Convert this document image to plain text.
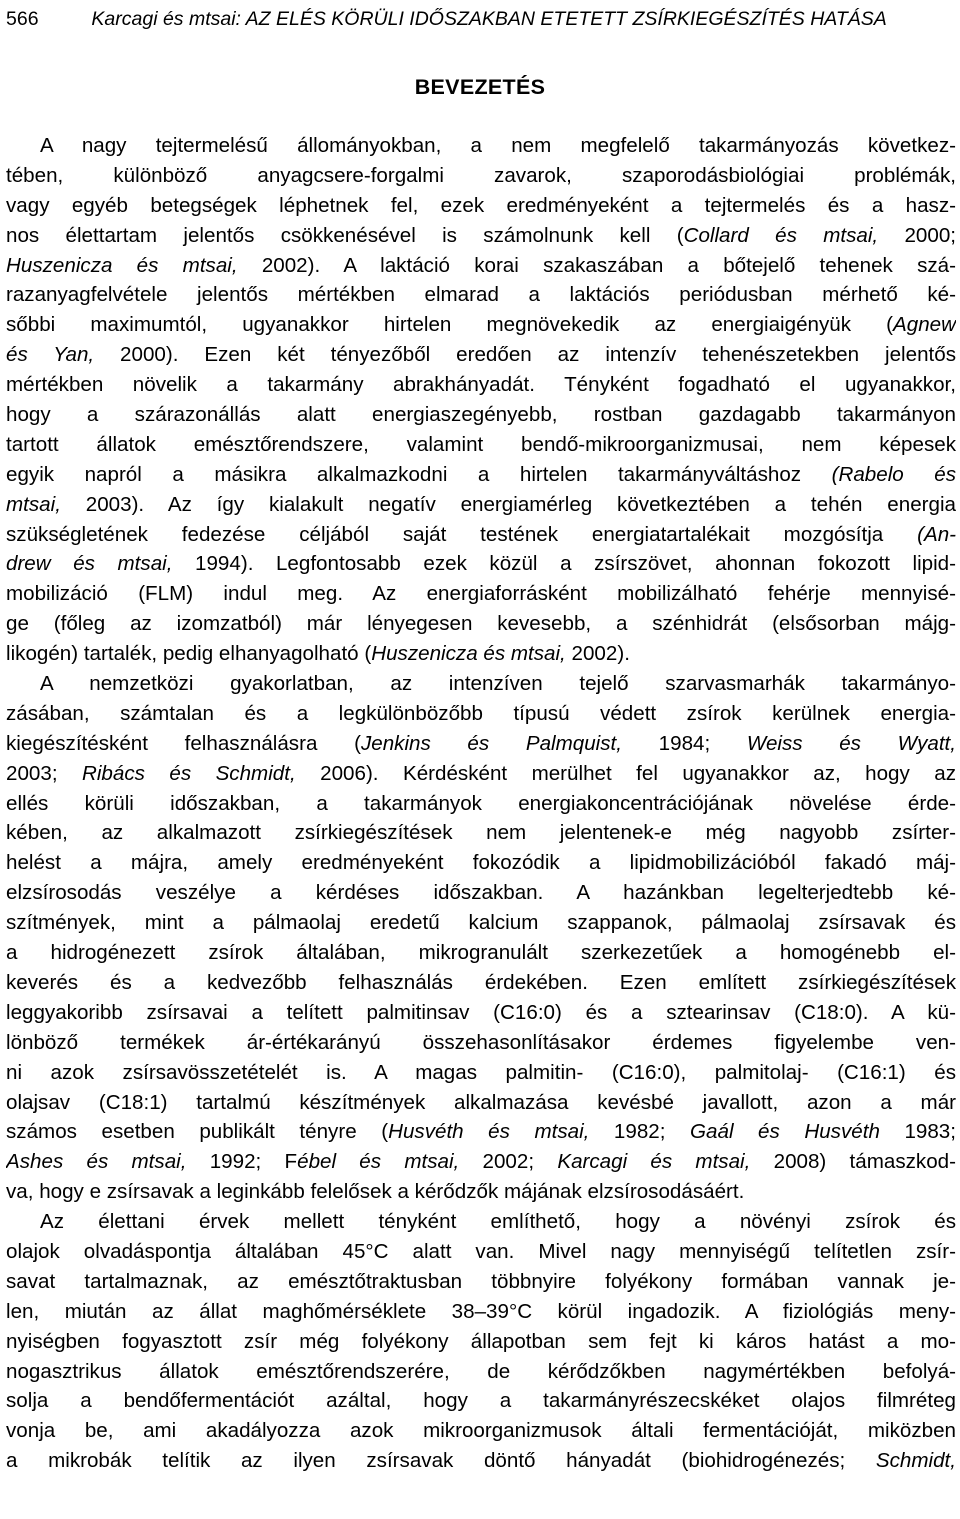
566	Karcagi és mtsai: AZ ELÉS KÖRÜLI IDŐSZAKBAN ETETETT ZSÍRKIEGÉSZÍTÉS HATÁSA
BEVEZETÉS
A nagy tejtermelésű állományokban, a nem megfelelő takarmányozás következ-
tében, különböző anyagcsere-forgalmi zavarok, szaporodásbiológiai problémák,
vagy egyéb betegségek léphetnek fel, ezek eredményeként a tejtermelés és a hasz-
nos élettartam jelentős csökkenésével is számolnunk kell (Collard és mtsai, 2000;
Huszenicza és mtsai, 2002). A laktáció korai szakaszában a bőtejelő tehenek szá-
razanyagfelvétele jelentős mértékben elmarad a laktációs periódusban mérhető ké-
sőbbi maximumtól, ugyanakkor hirtelen megnövekedik az energiaigényük (Agnew
és Yan, 2000). Ezen két tényezőből eredően az intenzív tehenészetekben jelentős
mértékben növelik a takarmány abrakhányadát. Tényként fogadható el ugyanakkor,
hogy a szárazonállás alatt energiaszegényebb, rostban gazdagabb takarmányon
tartott állatok emésztőrendszere, valamint bendő-mikroorganizmusai, nem képesek
egyik napról a másikra alkalmazkodni a hirtelen takarmányváltáshoz (Rabelo és
mtsai, 2003). Az így kialakult negatív energiamérleg következtében a tehén energia
szükségletének fedezése céljából saját testének energiatartalékait mozgósítja (An-
drew és mtsai, 1994). Legfontosabb ezek közül a zsírszövet, ahonnan fokozott lipid-
mobilizáció (FLM) indul meg. Az energiaforrásként mobilizálható fehérje mennyisé-
ge (főleg az izomzatból) már lényegesen kevesebb, a szénhidrát (elsősorban májg-
likogén) tartalék, pedig elhanyagolható (Huszenicza és mtsai, 2002).
A nemzetközi gyakorlatban, az intenzíven tejelő szarvasmarhák takarmányo-
zásában, számtalan és a legkülönbözőbb típusú védett zsírok kerülnek energia-
kiegészítésként felhasználásra (Jenkins és Palmquist, 1984; Weiss és Wyatt,
2003; Ribács és Schmidt, 2006). Kérdésként merülhet fel ugyanakkor az, hogy az
ellés körüli időszakban, a takarmányok energiakoncentrációjának növelése érde-
kében, az alkalmazott zsírkiegészítések nem jelentenek-e még nagyobb zsírter-
helést a májra, amely eredményeként fokozódik a lipidmobilizációból fakadó máj-
elzsírosodás veszélye a kérdéses időszakban. A hazánkban legelterjedtebb ké-
szítmények, mint a pálmaolaj eredetű kalcium szappanok, pálmaolaj zsírsavak és
a hidrogénezett zsírok általában, mikrogranulált szerkezetűek a homogénebb el-
keverés és a kedvezőbb felhasználás érdekében. Ezen említett zsírkiegészítések
leggyakoribb zsírsavai a telített palmitinsav (C16:0) és a sztearinsav (C18:0). A kü-
lönböző termékek ár-értékarányú összehasonlításakor érdemes figyelembe ven-
ni azok zsírsavösszetételét is. A magas palmitin- (C16:0), palmitolaj- (C16:1) és
olajsav (C18:1) tartalmú készítmények alkalmazása kevésbé javallott, azon a már
számos esetben publikált tényre (Husvéth és mtsai, 1982; Gaál és Husvéth 1983;
Ashes és mtsai, 1992; Fébel és mtsai, 2002; Karcagi és mtsai, 2008) támaszkod-
va, hogy e zsírsavak a leginkább felelősek a kérődzők májának elzsírosodásáért.
Az élettani érvek mellett tényként említhető, hogy a növényi zsírok és
olajok olvadáspontja általában 45°C alatt van. Mivel nagy mennyiségű telítetlen zsír-
savat tartalmaznak, az emésztőtraktusban többnyire folyékony formában vannak je-
len, miután az állat maghőmérséklete 38–39°C körül ingadozik. A fiziológiás meny-
nyiségben fogyasztott zsír még folyékony állapotban sem fejt ki káros hatást a mo-
nogasztrikus állatok emésztőrendszerére, de kérődzőkben nagymértékben befolyá-
solja a bendőfermentációt azáltal, hogy a takarmányrészecskéket olajos filmréteg
vonja be, ami akadályozza azok mikroorganizmusok általi fermentációját, miközben
a mikrobák telítik az ilyen zsírsavak döntő hányadát (biohidrogénezés; Schmidt,
